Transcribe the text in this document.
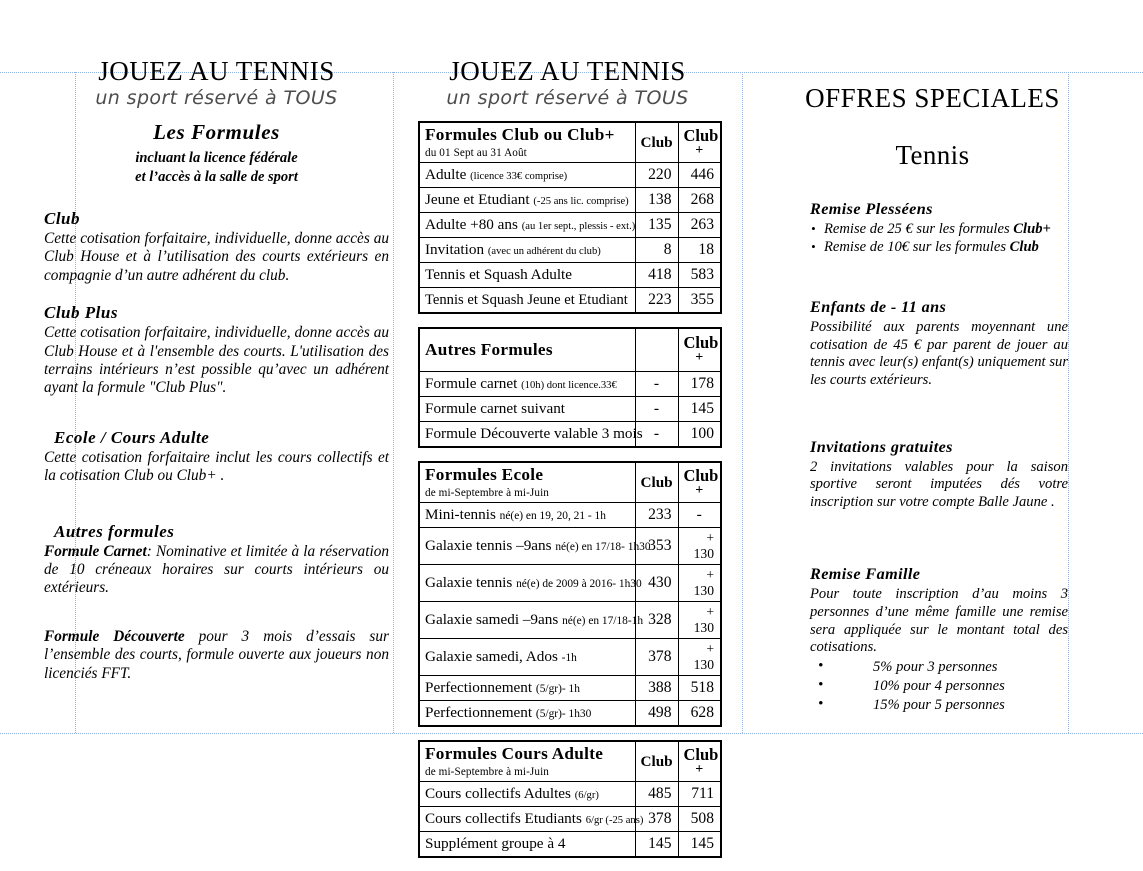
JOUEZ AU TENNIS
un sport réservé à TOUS
Les Formules
incluant la licence fédérale
et l’accès à la salle de sport
Club
Cette cotisation forfaitaire, individuelle, donne accès au Club House et à l’utilisation des courts extérieurs en compagnie d’un autre adhérent du club.
Club Plus
Cette cotisation forfaitaire, individuelle, donne accès au Club House et à l'ensemble des courts. L'utilisation des terrains intérieurs n’est possible qu’avec un adhérent ayant la formule "Club Plus".
Ecole / Cours Adulte
Cette cotisation forfaitaire inclut les cours collectifs et la cotisation Club ou Club+ .
Autres formules
Formule Carnet: Nominative et limitée à la réservation de 10 créneaux horaires sur courts intérieurs ou extérieurs.
Formule Découverte pour 3 mois d’essais sur l’ensemble des courts, formule ouverte aux joueurs non licenciés FFT.
JOUEZ AU TENNIS
un sport réservé à TOUS
Formules Club ou Club+
du 01 Sept au 31 Août	Club	Club
+

Adulte (licence 33€ comprise)	220	446
Jeune et Etudiant (-25 ans lic. comprise)	138	268
Adulte +80 ans (au 1er sept., plessis - ext.)	135	263
Invitation (avec un adhérent du club)	8	18
Tennis et Squash Adulte	418	583
Tennis et Squash Jeune et Etudiant	223	355
Autres Formules		Club
+

Formule carnet (10h) dont licence.33€	-	178
Formule carnet suivant	-	145
Formule Découverte valable 3 mois	-	100
Formules Ecole
de mi-Septembre à mi-Juin	Club	Club
+

Mini-tennis né(e) en 19, 20, 21 - 1h	233	-
Galaxie tennis –9ans né(e) en 17/18- 1h30	353	+ 130
Galaxie tennis né(e) de 2009 à 2016- 1h30	430	+ 130
Galaxie samedi –9ans né(e) en 17/18-1h	328	+ 130
Galaxie samedi, Ados -1h	378	+ 130
Perfectionnement (5/gr)- 1h	388	518
Perfectionnement (5/gr)- 1h30	498	628
Formules Cours Adulte
de mi-Septembre à mi-Juin	Club	Club
+

Cours collectifs Adultes (6/gr)	485	711
Cours collectifs Etudiants 6/gr (-25 ans)	378	508
Supplément groupe à 4	145	145
OFFRES SPECIALES
Tennis
Remise Plesséens
• Remise de 25 € sur les formules Club+
• Remise de 10€ sur les formules Club
Enfants de - 11 ans
Possibilité aux parents moyennant une cotisation de 45 € par parent de jouer au tennis avec leur(s) enfant(s) uniquement sur les courts extérieurs.
Invitations gratuites
2 invitations valables pour la saison sportive seront imputées dés votre inscription sur votre compte Balle Jaune .
Remise Famille
Pour toute inscription d’au moins 3 personnes d’une même famille une remise sera appliquée sur le montant total des cotisations.
• 5% pour 3 personnes
• 10% pour 4 personnes
• 15% pour 5 personnes
